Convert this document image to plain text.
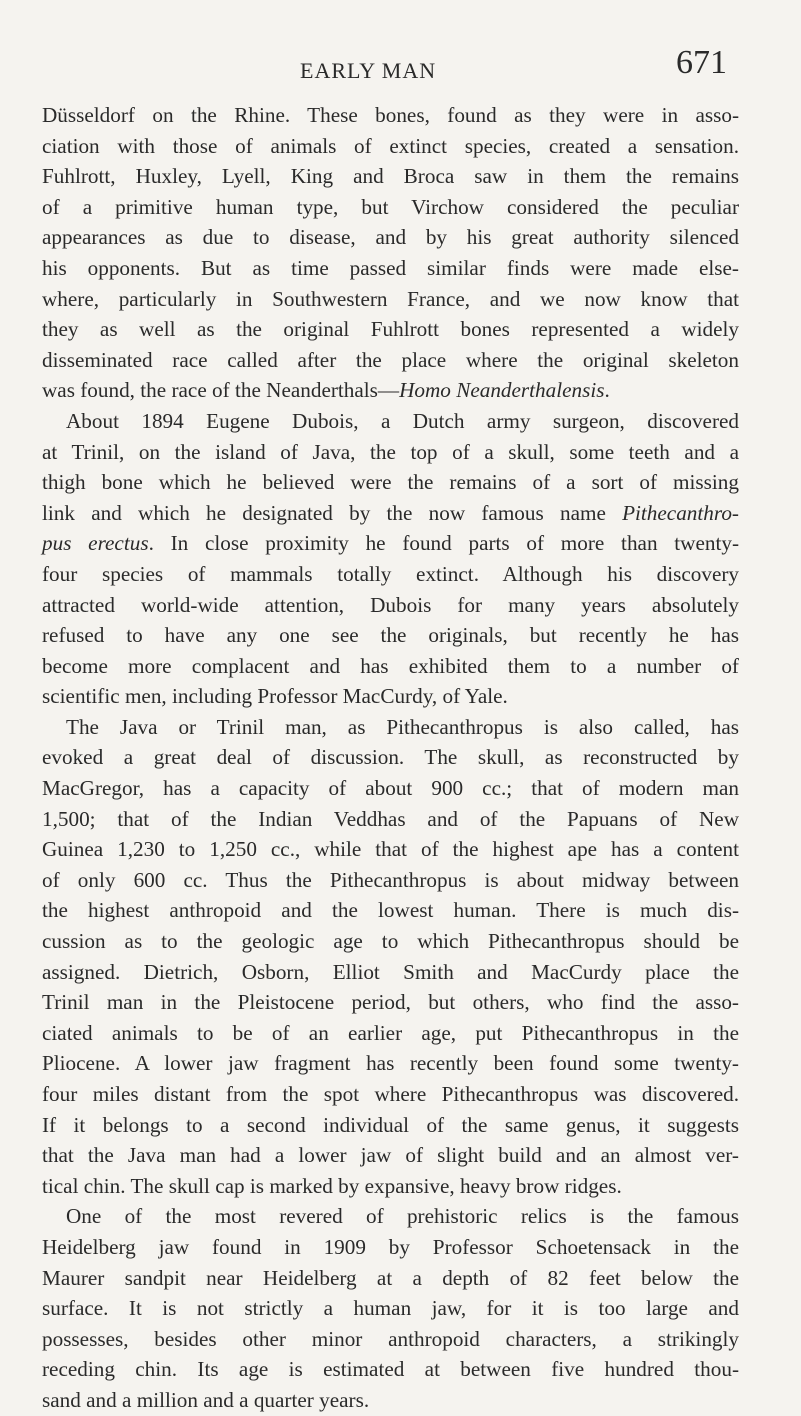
EARLY MAN	671
Düsseldorf on the Rhine. These bones, found as they were in asso-
ciation with those of animals of extinct species, created a sensation.
Fuhlrott, Huxley, Lyell, King and Broca saw in them the remains
of a primitive human type, but Virchow considered the peculiar
appearances as due to disease, and by his great authority silenced
his opponents. But as time passed similar finds were made else-
where, particularly in Southwestern France, and we now know that
they as well as the original Fuhlrott bones represented a widely
disseminated race called after the place where the original skeleton
was found, the race of the Neanderthals—Homo Neanderthalensis.
About 1894 Eugene Dubois, a Dutch army surgeon, discovered
at Trinil, on the island of Java, the top of a skull, some teeth and a
thigh bone which he believed were the remains of a sort of missing
link and which he designated by the now famous name Pithecanthro-
pus erectus. In close proximity he found parts of more than twenty-
four species of mammals totally extinct. Although his discovery
attracted world-wide attention, Dubois for many years absolutely
refused to have any one see the originals, but recently he has
become more complacent and has exhibited them to a number of
scientific men, including Professor MacCurdy, of Yale.
The Java or Trinil man, as Pithecanthropus is also called, has
evoked a great deal of discussion. The skull, as reconstructed by
MacGregor, has a capacity of about 900 cc.; that of modern man
1,500; that of the Indian Veddhas and of the Papuans of New
Guinea 1,230 to 1,250 cc., while that of the highest ape has a content
of only 600 cc. Thus the Pithecanthropus is about midway between
the highest anthropoid and the lowest human. There is much dis-
cussion as to the geologic age to which Pithecanthropus should be
assigned. Dietrich, Osborn, Elliot Smith and MacCurdy place the
Trinil man in the Pleistocene period, but others, who find the asso-
ciated animals to be of an earlier age, put Pithecanthropus in the
Pliocene. A lower jaw fragment has recently been found some twenty-
four miles distant from the spot where Pithecanthropus was discovered.
If it belongs to a second individual of the same genus, it suggests
that the Java man had a lower jaw of slight build and an almost ver-
tical chin. The skull cap is marked by expansive, heavy brow ridges.
One of the most revered of prehistoric relics is the famous
Heidelberg jaw found in 1909 by Professor Schoetensack in the
Maurer sandpit near Heidelberg at a depth of 82 feet below the
surface. It is not strictly a human jaw, for it is too large and
possesses, besides other minor anthropoid characters, a strikingly
receding chin. Its age is estimated at between five hundred thou-
sand and a million and a quarter years.
